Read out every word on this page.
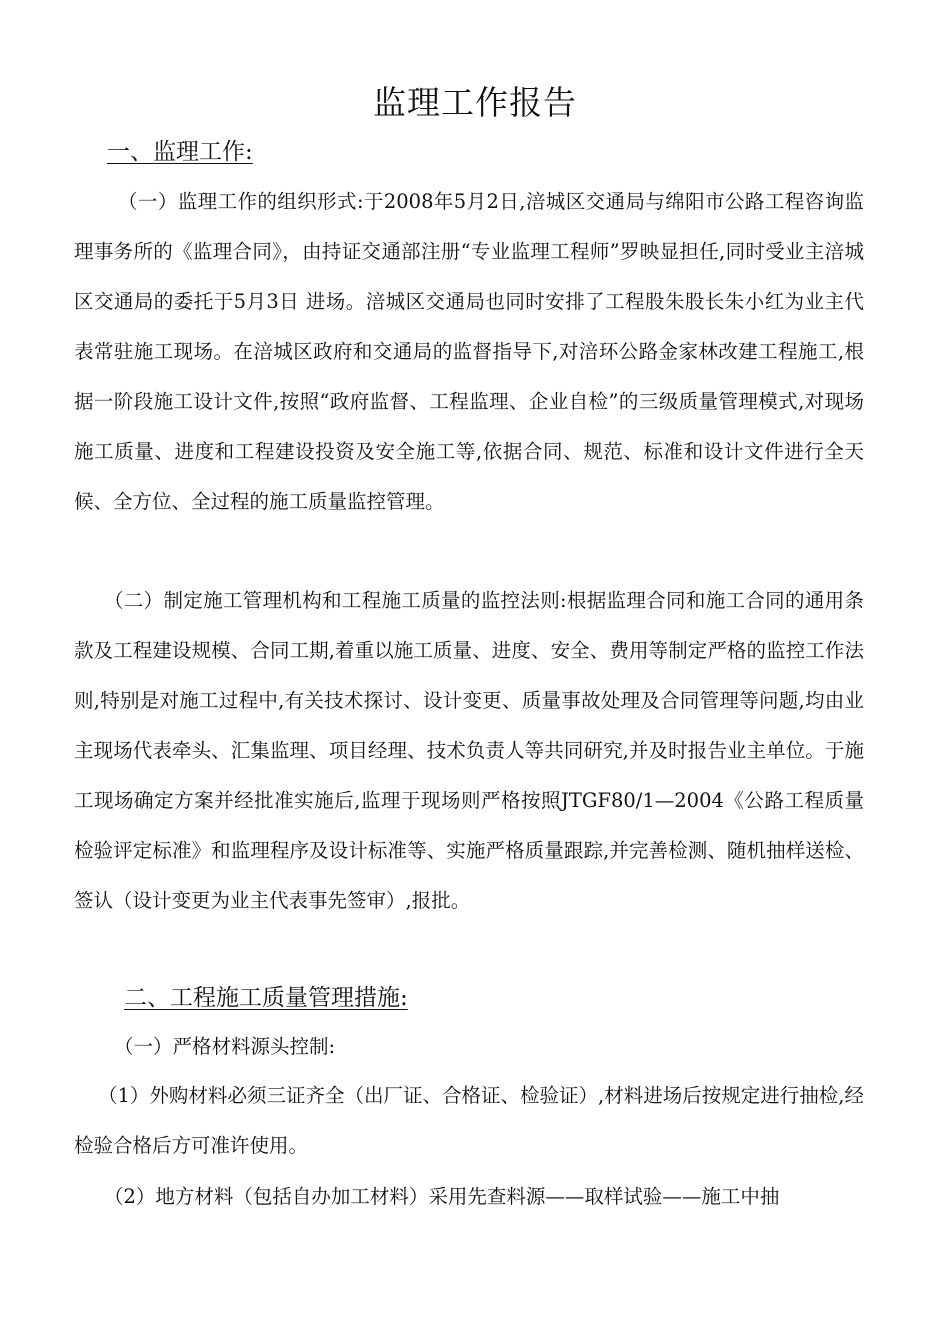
监理工作报告
一、监理工作:

（一）监理工作的组织形式:于2008年5月2日,涪城区交通局与绵阳市公路工程咨询监理事务所的《监理合同》，由持证交通部注册“专业监理工程师”罗映显担任,同时受业主涪城区交通局的委托于5月3日 进场。涪城区交通局也同时安排了工程股朱股长朱小红为业主代表常驻施工现场。在涪城区政府和交通局的监督指导下,对涪环公路金家林改建工程施工,根据一阶段施工设计文件,按照“政府监督、工程监理、企业自检”的三级质量管理模式,对现场施工质量、进度和工程建设投资及安全施工等,依据合同、规范、标准和设计文件进行全天候、全方位、全过程的施工质量监控管理。

（二）制定施工管理机构和工程施工质量的监控法则:根据监理合同和施工合同的通用条款及工程建设规模、合同工期,着重以施工质量、进度、安全、费用等制定严格的监控工作法则,特别是对施工过程中,有关技术探讨、设计变更、质量事故处理及合同管理等问题,均由业主现场代表牵头、汇集监理、项目经理、技术负责人等共同研究,并及时报告业主单位。于施工现场确定方案并经批准实施后,监理于现场则严格按照JTGF80/1—2004《公路工程质量检验评定标准》和监理程序及设计标准等、实施严格质量跟踪,并完善检测、随机抽样送检、签认（设计变更为业主代表事先签审）,报批。

二、工程施工质量管理措施:

（一）严格材料源头控制:

（1）外购材料必须三证齐全（出厂证、合格证、检验证）,材料进场后按规定进行抽检,经检验合格后方可准许使用。

（2）地方材料（包括自办加工材料）采用先查料源——取样试验——施工中抽
